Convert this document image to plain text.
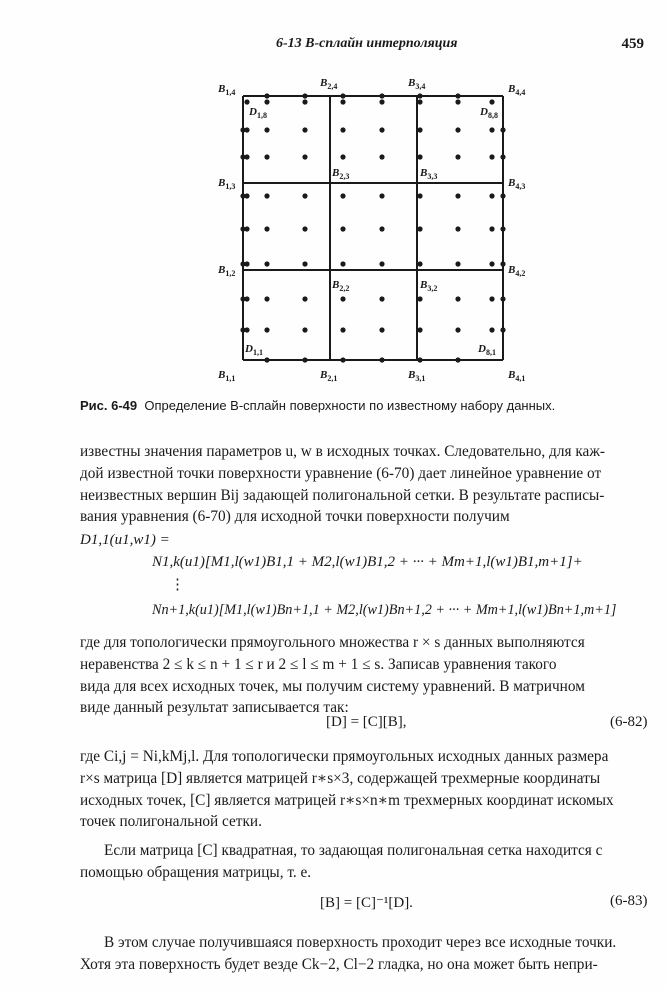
6-13 B-сплайн интерполяция	459
$B_{1,4}$
$B_{2,4}$	$B_{3,4}$	$B_{4,4}$
$D_{1,8}$	$D_{8,8}$
$B_{1,3}$
$B_{2,3}$	$B_{3,3}$
$B_{4,3}$
$B_{1,2}$
$B_{2,2}$	$B_{3,2}$
$B_{4,2}$
$D_{1,1}$	$D_{8,1}$
$B_{1,1}$	$B_{2,1}$	$B_{3,1}$	$B_{4,1}$
Рис. 6-49 Определение B-сплайн поверхности по известному набору данных.
известны значения параметров u, w в исходных точках. Следовательно, для каж-
дой известной точки поверхности уравнение (6-70) дает линейное уравнение от
неизвестных вершин Bij задающей полигональной сетки. В результате расписы-
вания уравнения (6-70) для исходной точки поверхности получим
D1,1(u1,w1) =
N1,k(u1)[M1,l(w1)B1,1 + M2,l(w1)B1,2 + ··· + Mm+1,l(w1)B1,m+1]+
⋮
Nn+1,k(u1)[M1,l(w1)Bn+1,1 + M2,l(w1)Bn+1,2 + ··· + Mm+1,l(w1)Bn+1,m+1]
где для топологически прямоугольного множества r × s данных выполняются
неравенства 2 ≤ k ≤ n + 1 ≤ r и 2 ≤ l ≤ m + 1 ≤ s. Записав уравнения такого
вида для всех исходных точек, мы получим систему уравнений. В матричном
виде данный результат записывается так:
[D] = [C][B],	(6-82)
где Ci,j = Ni,kMj,l. Для топологически прямоугольных исходных данных размера
r×s матрица [D] является матрицей r∗s×3, содержащей трехмерные координаты
исходных точек, [C] является матрицей r∗s×n∗m трехмерных координат искомых
точек полигональной сетки.
Если матрица [C] квадратная, то задающая полигональная сетка находится с
помощью обращения матрицы, т. е.
[B] = [C]⁻¹[D].	(6-83)
В этом случае получившаяся поверхность проходит через все исходные точки.
Хотя эта поверхность будет везде Ck−2, Cl−2 гладка, но она может быть непри-
